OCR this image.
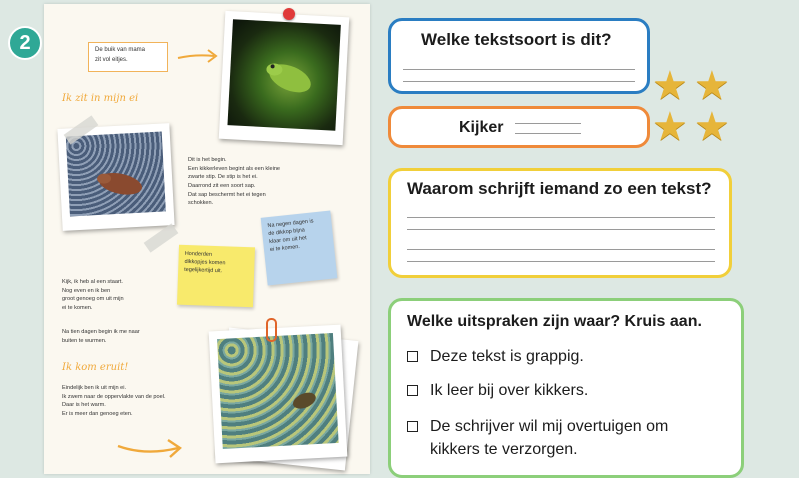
2	De buik van mama
zit vol eitjes.
Ik zit in mijn ei
Dit is het begin.
Een kikkerleven begint als een kleine
zwarte stip. De stip is het ei.
Daarrond zit een soort sap.
Dat sap beschermt het ei tegen
schokken.
Na negen dagen is
de dikkop bijna
klaar om uit het
ei te komen.
Honderden
dikkopjes komen
tegelijkertijd uit.
Kijk, ik heb al een staart.
Nog even en ik ben
groot genoeg om uit mijn
ei te komen.
Na tien dagen begin ik me naar
buiten te wurmen.
Ik kom eruit!
Eindelijk ben ik uit mijn ei.
Ik zwem naar de oppervlakte van de poel.
Daar is het warm.
Er is meer dan genoeg eten.
Welke tekstsoort is dit?
Kijker
★ ★
★ ★
Waarom schrijft iemand zo een tekst?
Welke uitspraken zijn waar? Kruis aan.
Deze tekst is grappig.
Ik leer bij over kikkers.
De schrijver wil mij overtuigen om kikkers te verzorgen.
